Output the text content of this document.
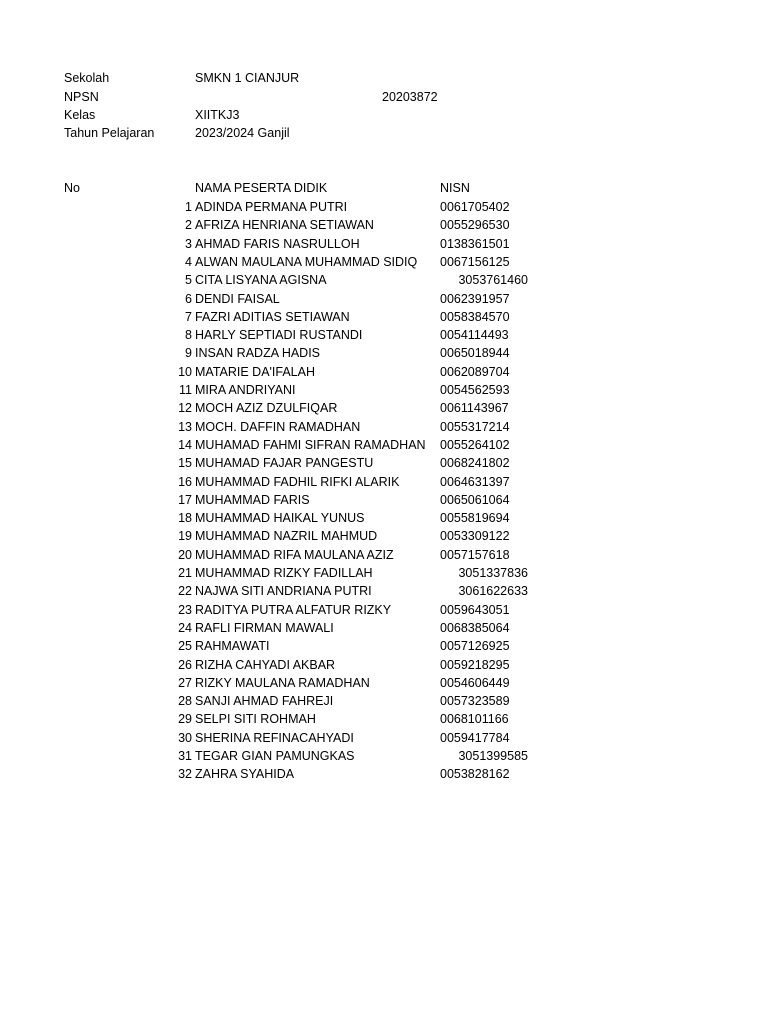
Sekolah	SMKN 1 CIANJUR
NPSN	20203872
Kelas	XIITKJ3
Tahun Pelajaran	2023/2024 Ganjil
No	NAMA PESERTA DIDIK	NISN
1 ADINDA PERMANA PUTRI	0061705402
2 AFRIZA HENRIANA SETIAWAN	0055296530
3 AHMAD FARIS NASRULLOH	0138361501
4 ALWAN MAULANA MUHAMMAD SIDIQ 0067156125
5 CITA LISYANA AGISNA	3053761460
6 DENDI FAISAL	0062391957
7 FAZRI ADITIAS SETIAWAN	0058384570
8 HARLY SEPTIADI RUSTANDI	0054114493
9 INSAN RADZA HADIS	0065018944
10 MATARIE DA'IFALAH	0062089704
11 MIRA ANDRIYANI	0054562593
12 MOCH AZIZ DZULFIQAR	0061143967
13 MOCH. DAFFIN RAMADHAN	0055317214
14 MUHAMAD FAHMI SIFRAN RAMADHAN 0055264102
15 MUHAMAD FAJAR PANGESTU	0068241802
16 MUHAMMAD FADHIL RIFKI ALARIK	0064631397
17 MUHAMMAD FARIS	0065061064
18 MUHAMMAD HAIKAL YUNUS	0055819694
19 MUHAMMAD NAZRIL MAHMUD	0053309122
20 MUHAMMAD RIFA MAULANA AZIZ	0057157618
21 MUHAMMAD RIZKY FADILLAH	3051337836
22 NAJWA SITI ANDRIANA PUTRI	3061622633
23 RADITYA PUTRA ALFATUR RIZKY	0059643051
24 RAFLI FIRMAN MAWALI	0068385064
25 RAHMAWATI	0057126925
26 RIZHA CAHYADI AKBAR	0059218295
27 RIZKY MAULANA RAMADHAN	0054606449
28 SANJI AHMAD FAHREJI	0057323589
29 SELPI SITI ROHMAH	0068101166
30 SHERINA REFINACAHYADI	0059417784
31 TEGAR GIAN PAMUNGKAS	3051399585
32 ZAHRA SYAHIDA	0053828162
